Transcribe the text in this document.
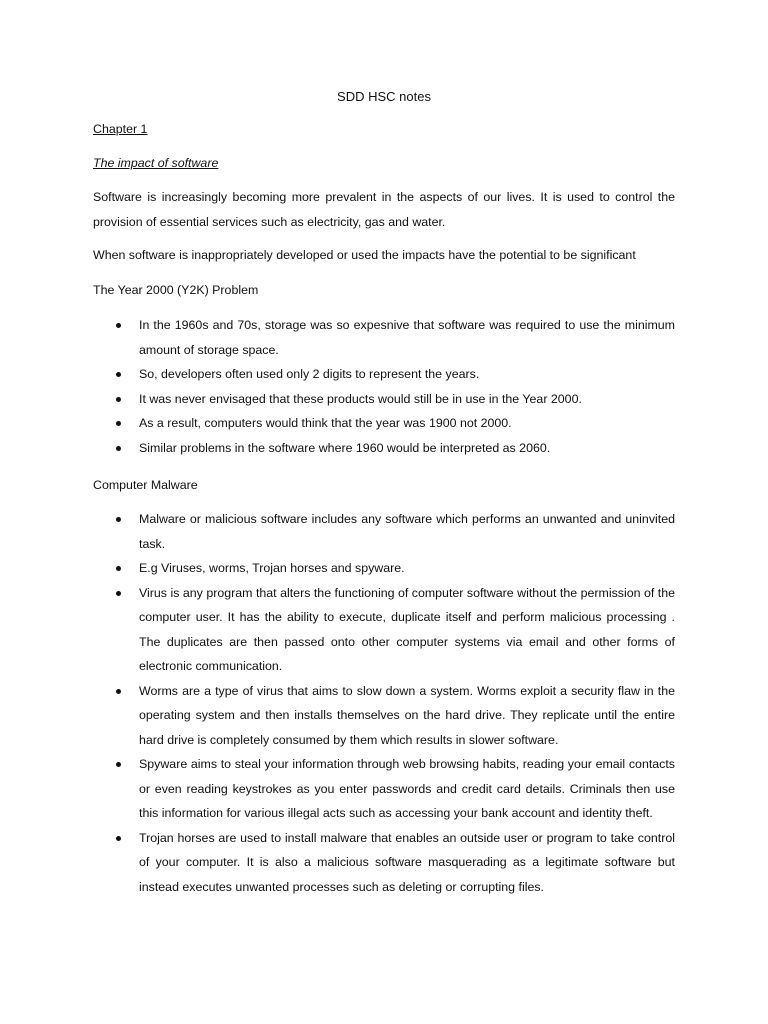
SDD HSC notes

Chapter 1

The impact of software

Software is increasingly becoming more prevalent in the aspects of our lives. It is used to control the provision of essential services such as electricity, gas and water.

When software is inappropriately developed or used the impacts have the potential to be significant

The Year 2000 (Y2K) Problem

In the 1960s and 70s, storage was so expesnive that software was required to use the minimum amount of storage space.
So, developers often used only 2 digits to represent the years.
It was never envisaged that these products would still be in use in the Year 2000.
As a result, computers would think that the year was 1900 not 2000.
Similar problems in the software where 1960 would be interpreted as 2060.

Computer Malware

Malware or malicious software includes any software which performs an unwanted and uninvited task.
E.g Viruses, worms, Trojan horses and spyware.
Virus is any program that alters the functioning of computer software without the permission of the computer user. It has the ability to execute, duplicate itself and perform malicious processing . The duplicates are then passed onto other computer systems via email and other forms of electronic communication.
Worms are a type of virus that aims to slow down a system. Worms exploit a security flaw in the operating system and then installs themselves on the hard drive. They replicate until the entire hard drive is completely consumed by them which results in slower software.
Spyware aims to steal your information through web browsing habits, reading your email contacts or even reading keystrokes as you enter passwords and credit card details. Criminals then use this information for various illegal acts such as accessing your bank account and identity theft.
Trojan horses are used to install malware that enables an outside user or program to take control of your computer. It is also a malicious software masquerading as a legitimate software but instead executes unwanted processes such as deleting or corrupting files.
